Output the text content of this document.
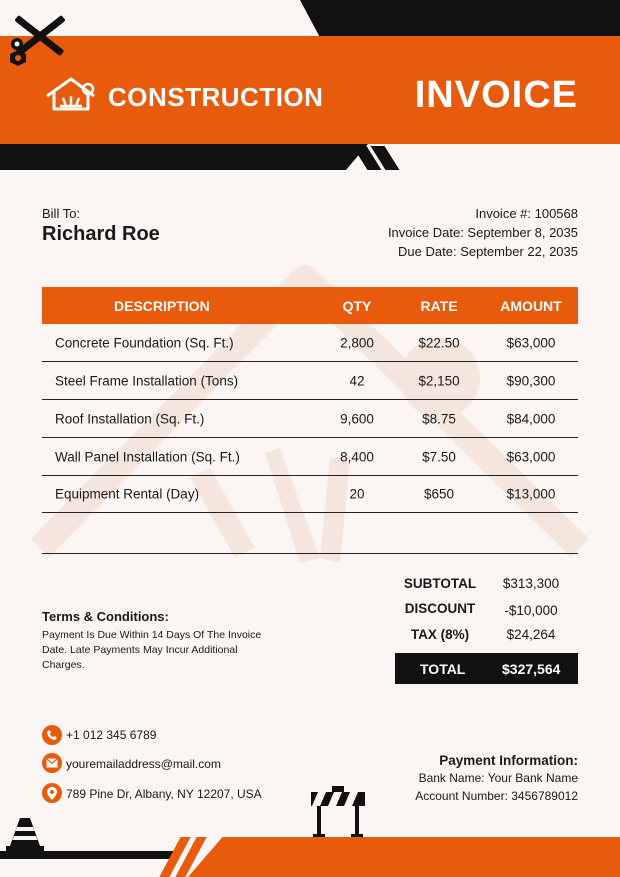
CONSTRUCTION INVOICE
Bill To:
Richard Roe
Invoice #: 100568
Invoice Date: September 8, 2035
Due Date: September 22, 2035
DESCRIPTION	QTY	RATE	AMOUNT
Concrete Foundation (Sq. Ft.)	2,800	$22.50	$63,000
Steel Frame Installation (Tons)	42	$2,150	$90,300
Roof Installation (Sq. Ft.)	9,600	$8.75	$84,000
Wall Panel Installation (Sq. Ft.)	8,400	$7.50	$63,000
Equipment Rental (Day)	20	$650	$13,000
SUBTOTAL	$313,300
DISCOUNT	-$10,000
TAX (8%)	$24,264
TOTAL	$327,564
Terms & Conditions:
Payment Is Due Within 14 Days Of The Invoice Date. Late Payments May Incur Additional Charges.
+1 012 345 6789
youremailaddress@mail.com
789 Pine Dr, Albany, NY 12207, USA
Payment Information:
Bank Name: Your Bank Name
Account Number: 3456789012
